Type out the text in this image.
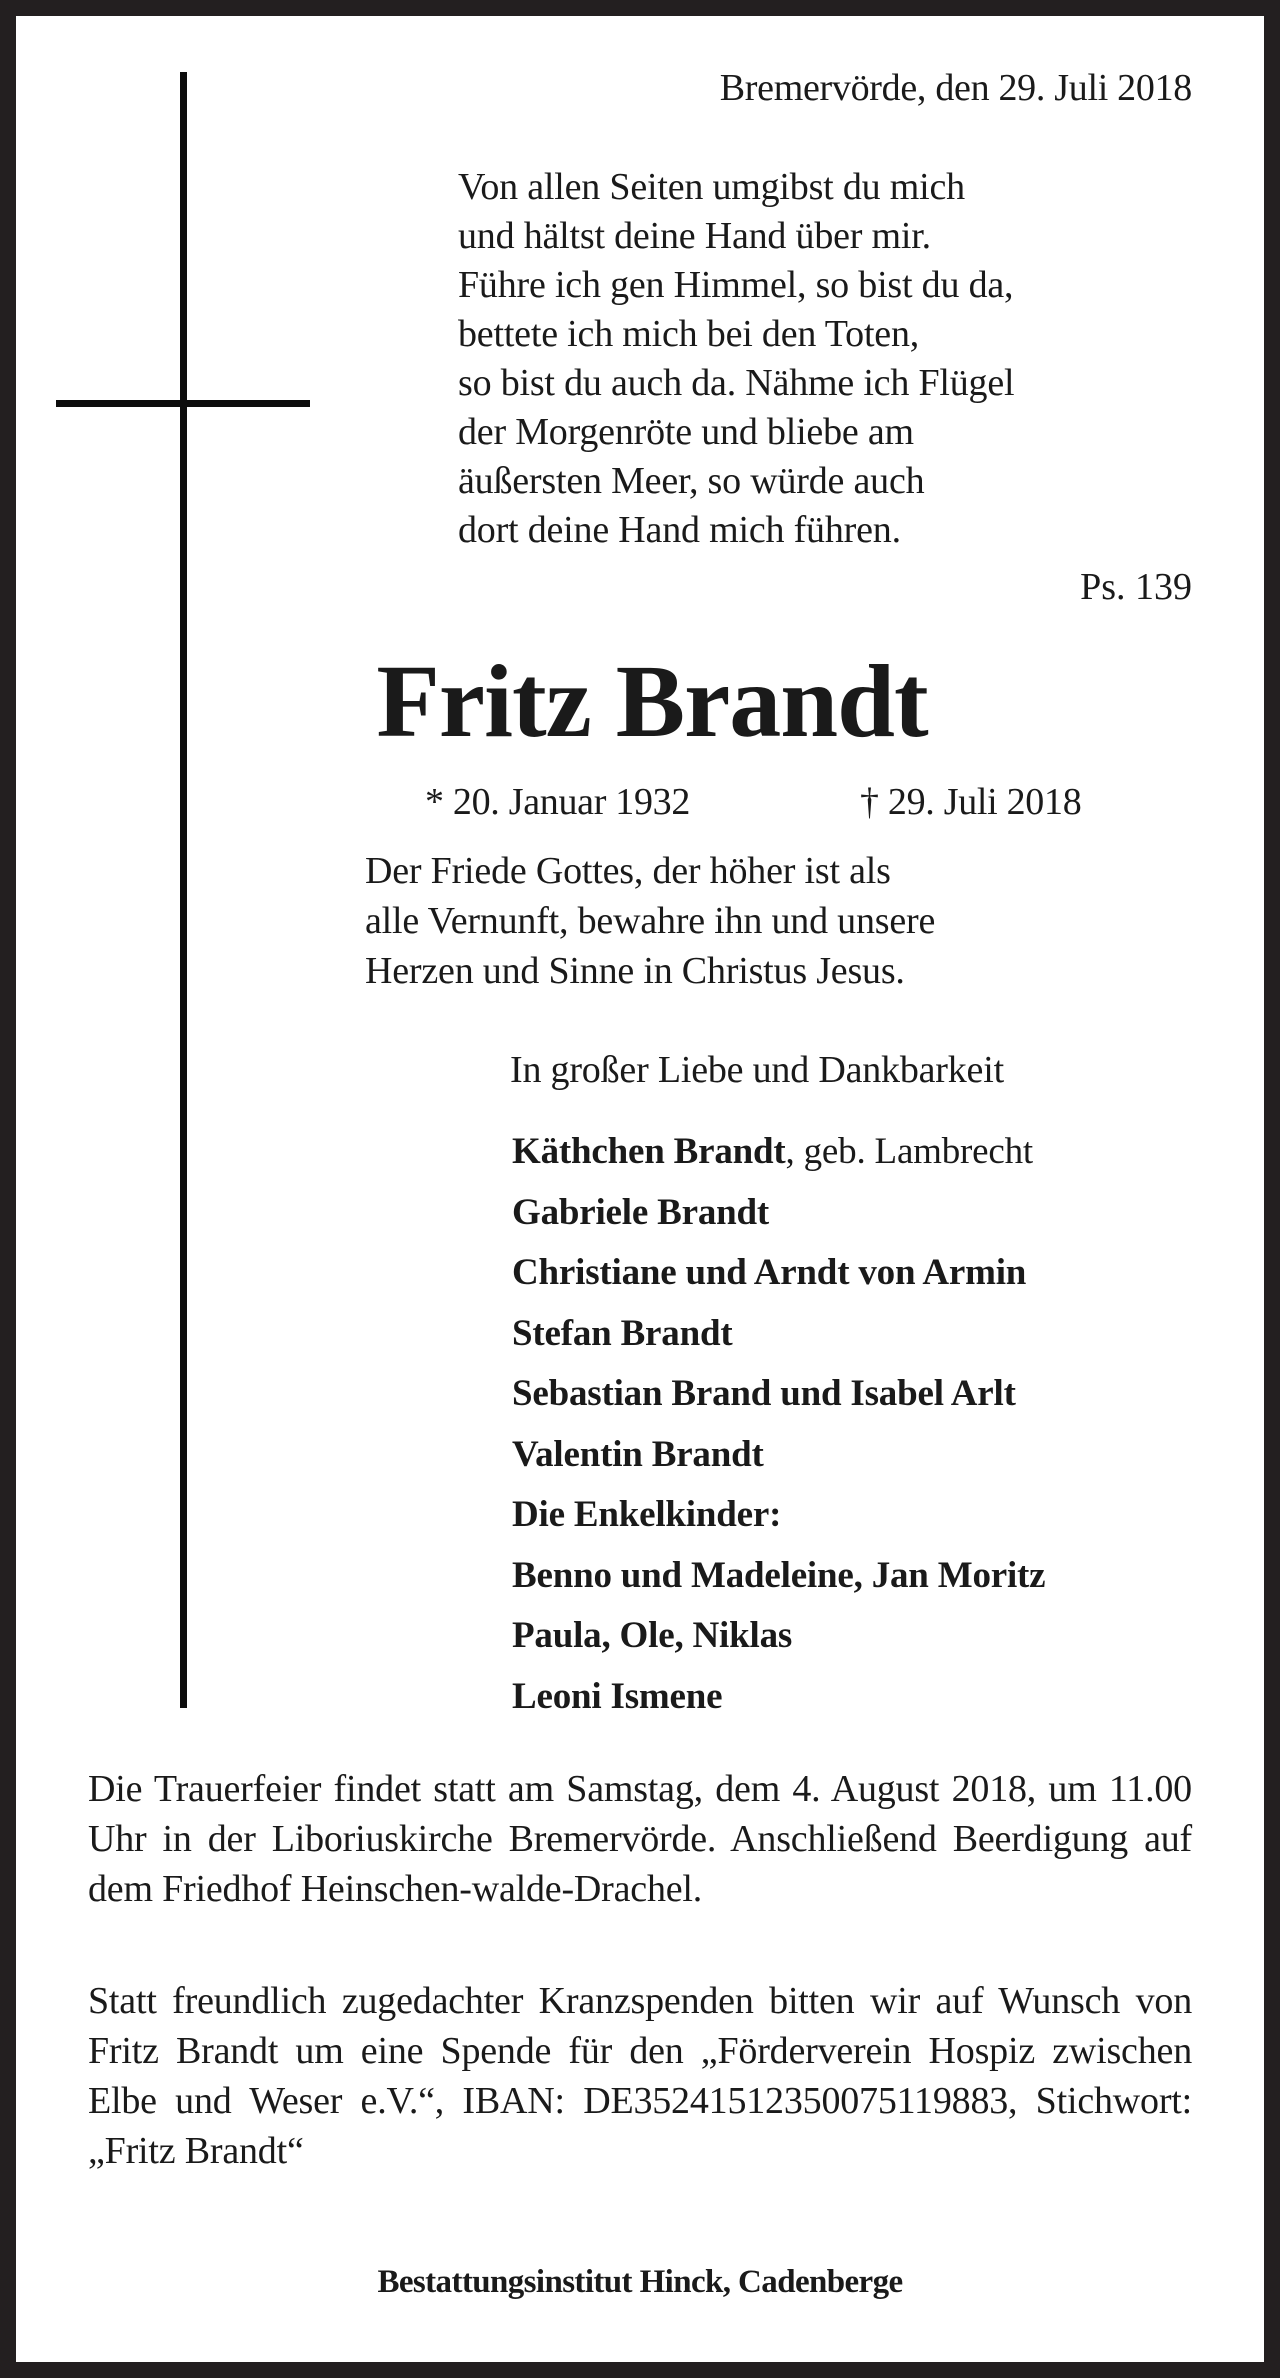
Bremervörde, den 29. Juli 2018
Von allen Seiten umgibst du mich
und hältst deine Hand über mir.
Führe ich gen Himmel, so bist du da,
bettete ich mich bei den Toten,
so bist du auch da. Nähme ich Flügel
der Morgenröte und bliebe am
äußersten Meer, so würde auch
dort deine Hand mich führen.
Ps. 139
Fritz Brandt
* 20. Januar 1932	† 29. Juli 2018
Der Friede Gottes, der höher ist als
alle Vernunft, bewahre ihn und unsere
Herzen und Sinne in Christus Jesus.
In großer Liebe und Dankbarkeit
Käthchen Brandt, geb. Lambrecht
Gabriele Brandt
Christiane und Arndt von Armin
Stefan Brandt
Sebastian Brand und Isabel Arlt
Valentin Brandt
Die Enkelkinder:
Benno und Madeleine, Jan Moritz
Paula, Ole, Niklas
Leoni Ismene
Die Trauerfeier findet statt am Samstag, dem 4. August 2018, um 11.00 Uhr in der Liboriuskirche Bremervörde. Anschließend Beerdigung auf dem Friedhof Heinschen-walde-Drachel.
Statt freundlich zugedachter Kranzspenden bitten wir auf Wunsch von Fritz Brandt um eine Spende für den „Förderverein Hospiz zwischen Elbe und Weser e.V.“, IBAN: DE35241512350075119883, Stichwort: „Fritz Brandt“
Bestattungsinstitut Hinck, Cadenberge
